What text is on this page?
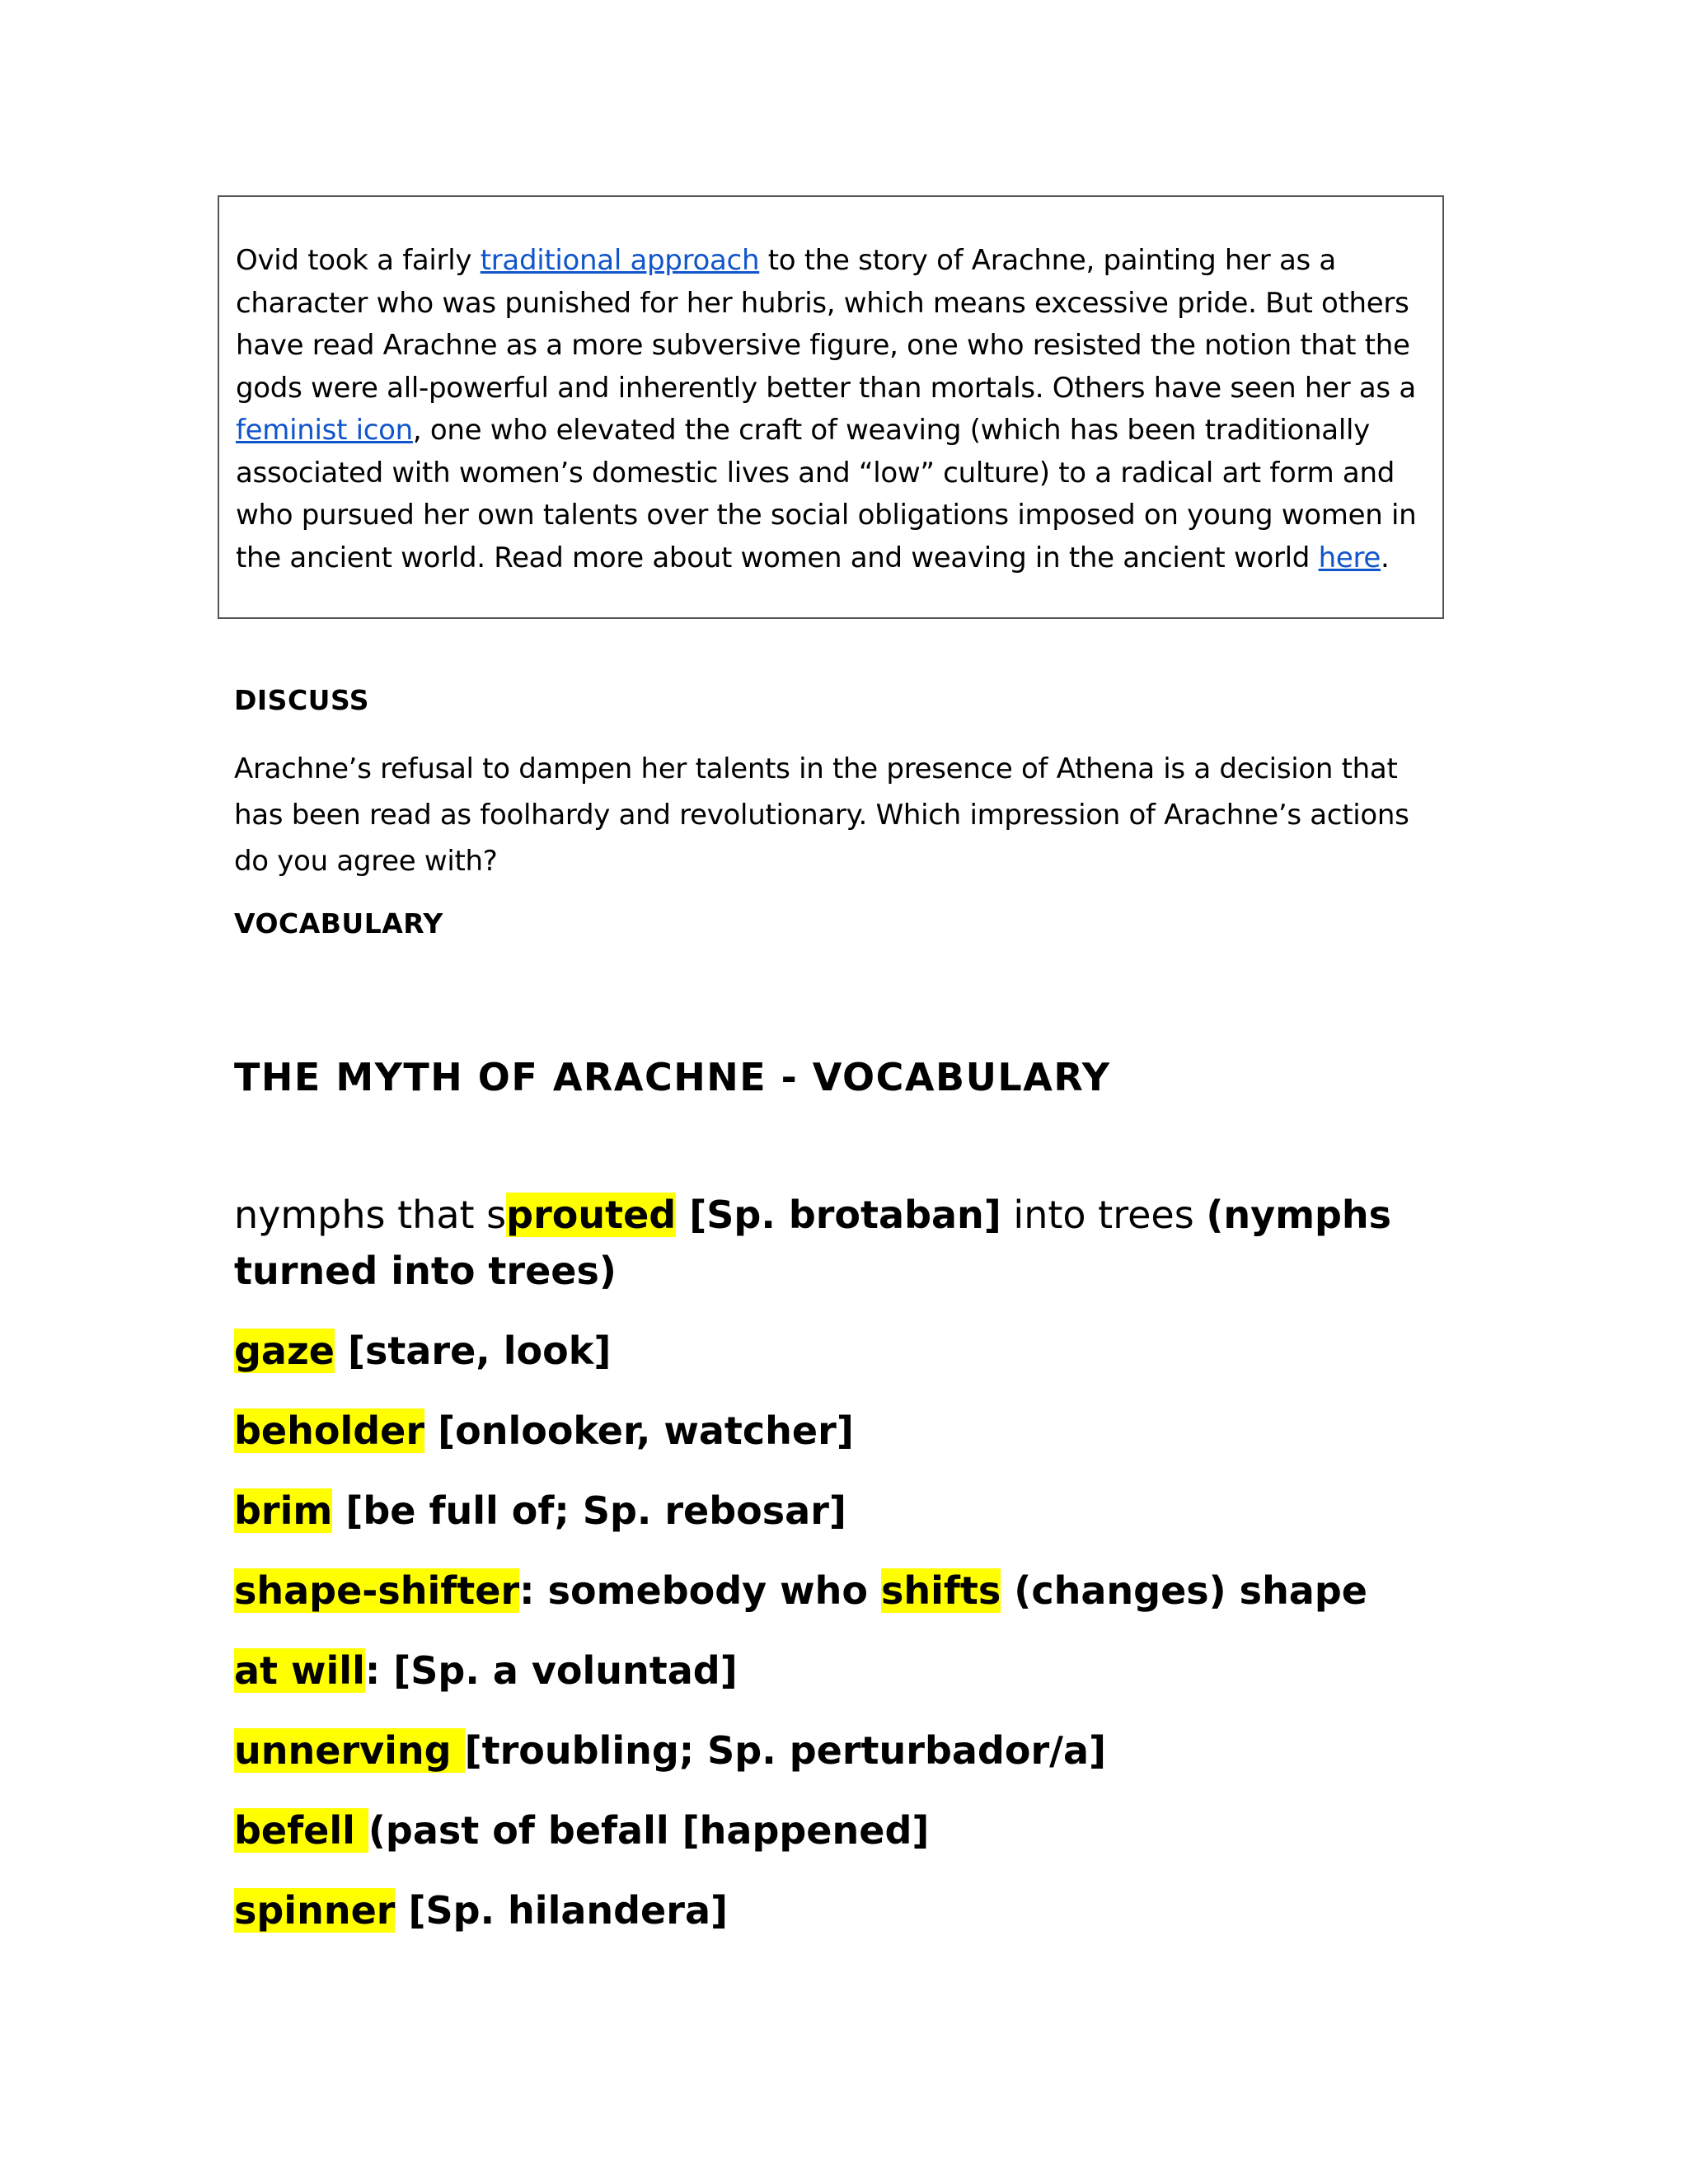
Ovid took a fairly traditional approach to the story of Arachne, painting her as a character who was punished for her hubris, which means excessive pride. But others have read Arachne as a more subversive figure, one who resisted the notion that the gods were all-powerful and inherently better than mortals. Others have seen her as a feminist icon, one who elevated the craft of weaving (which has been traditionally associated with women’s domestic lives and “low” culture) to a radical art form and who pursued her own talents over the social obligations imposed on young women in the ancient world. Read more about women and weaving in the ancient world here.

DISCUSS

Arachne’s refusal to dampen her talents in the presence of Athena is a decision that has been read as foolhardy and revolutionary. Which impression of Arachne’s actions do you agree with?

VOCABULARY
THE MYTH OF ARACHNE - VOCABULARY

nymphs that sprouted [Sp. brotaban] into trees (nymphs turned into trees)

gaze [stare, look]

beholder [onlooker, watcher]

brim [be full of; Sp. rebosar]

shape-shifter: somebody who shifts (changes) shape

at will: [Sp. a voluntad]

unnerving [troubling; Sp. perturbador/a]

befell (past of befall [happened]

spinner [Sp. hilandera]
